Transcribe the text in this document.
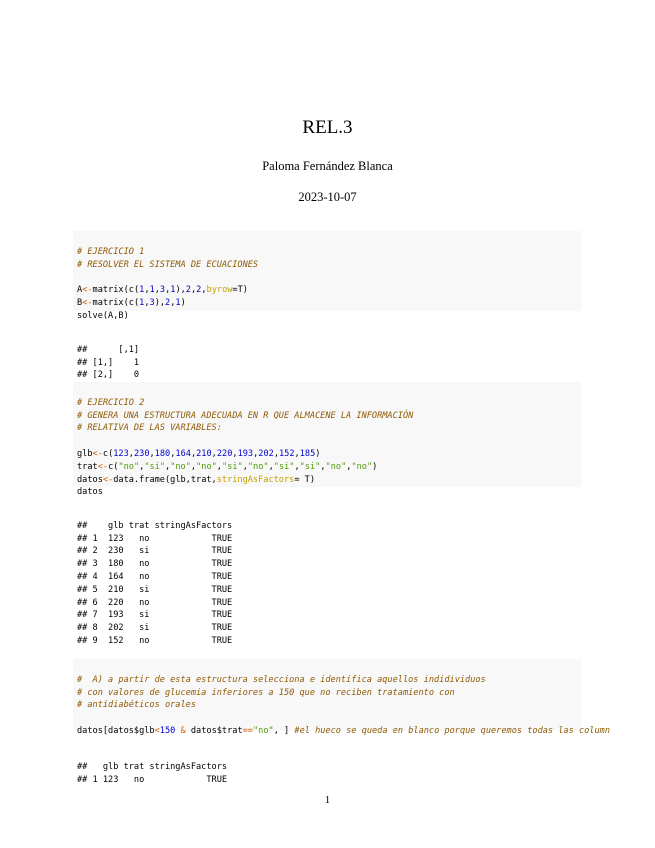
REL.3
Paloma Fernández Blanca
2023-10-07

# EJERCICIO 1
# RESOLVER EL SISTEMA DE ECUACIONES
A<-matrix(c(1,1,3,1),2,2,byrow=T)
B<-matrix(c(1,3),2,1)
solve(A,B)

##      [,1]
## [1,]    1
## [2,]    0

# EJERCICIO 2
# GENERA UNA ESTRUCTURA ADECUADA EN R QUE ALMACENE LA INFORMACIÓN
# RELATIVA DE LAS VARIABLES:
glb<-c(123,230,180,164,210,220,193,202,152,185)
trat<-c("no","si","no","no","si","no","si","si","no","no")
datos<-data.frame(glb,trat,stringAsFactors= T)
datos

##    glb trat stringAsFactors
## 1  123   no            TRUE
## 2  230   si            TRUE
## 3  180   no            TRUE
## 4  164   no            TRUE
## 5  210   si            TRUE
## 6  220   no            TRUE
## 7  193   si            TRUE
## 8  202   si            TRUE
## 9  152   no            TRUE

#  A) a partir de esta estructura selecciona e identifica aquellos indidividuos
# con valores de glucemia inferiores a 150 que no reciben tratamiento con
# antidiabéticos orales
datos[datos$glb<150 & datos$trat=="no", ] #el hueco se queda en blanco porque queremos todas las column

##   glb trat stringAsFactors
## 1 123   no            TRUE
1
